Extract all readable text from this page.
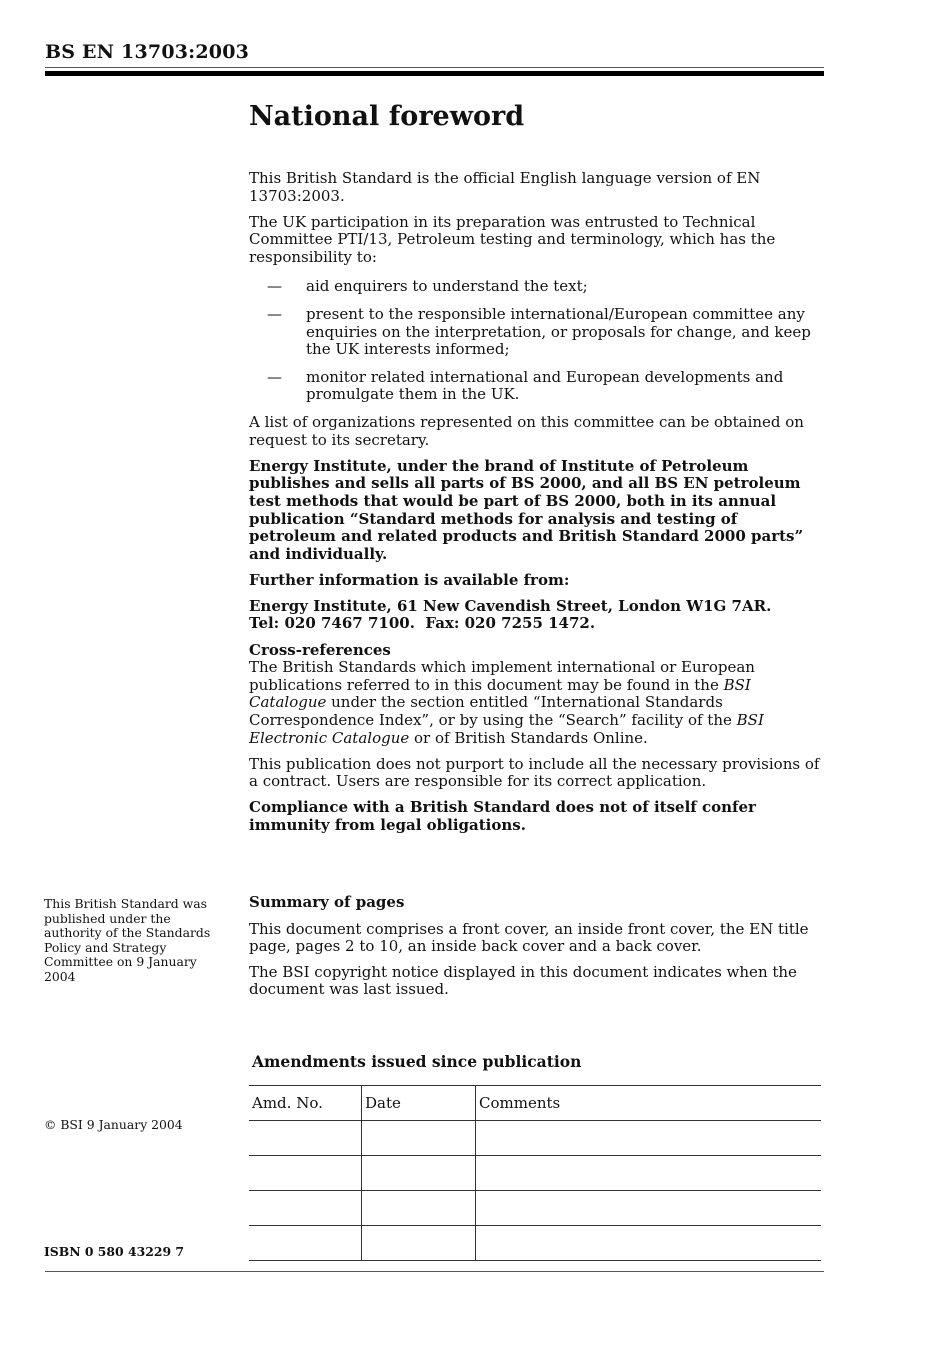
BS EN 13703:2003
National foreword

This British Standard is the official English language version of EN 13703:2003.

The UK participation in its preparation was entrusted to Technical Committee PTI/13, Petroleum testing and terminology, which has the responsibility to:

— aid enquirers to understand the text;
— present to the responsible international/European committee any enquiries on the interpretation, or proposals for change, and keep the UK interests informed;
— monitor related international and European developments and promulgate them in the UK.

A list of organizations represented on this committee can be obtained on request to its secretary.

Energy Institute, under the brand of Institute of Petroleum publishes and sells all parts of BS 2000, and all BS EN petroleum test methods that would be part of BS 2000, both in its annual publication “Standard methods for analysis and testing of petroleum and related products and British Standard 2000 parts” and individually.

Further information is available from:

Energy Institute, 61 New Cavendish Street, London W1G 7AR.
Tel: 020 7467 7100.  Fax: 020 7255 1472.

Cross-references

The British Standards which implement international or European publications referred to in this document may be found in the BSI Catalogue under the section entitled “International Standards Correspondence Index”, or by using the “Search” facility of the BSI Electronic Catalogue or of British Standards Online.

This publication does not purport to include all the necessary provisions of a contract. Users are responsible for its correct application.

Compliance with a British Standard does not of itself confer immunity from legal obligations.

This British Standard was published under the authority of the Standards Policy and Strategy Committee on 9 January 2004

Summary of pages

This document comprises a front cover, an inside front cover, the EN title page, pages 2 to 10, an inside back cover and a back cover.

The BSI copyright notice displayed in this document indicates when the document was last issued.

Amendments issued since publication
Amd. No.	Date	Comments

© BSI 9 January 2004
ISBN 0 580 43229 7
